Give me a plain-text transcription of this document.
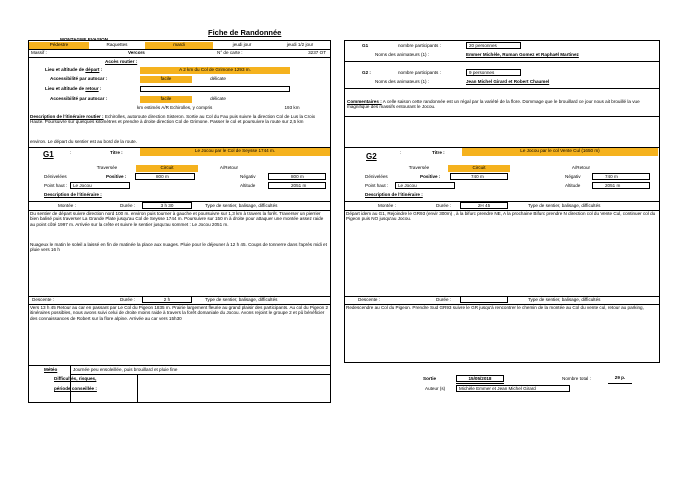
MONTAGNE EVASION
Fiche de Randonnée
Pédestre	Raquettes	mardi	jeudi jour	jeudi 1/2 jour
Massif :	Vercors	N° de carte :	3237 OT
Accès routier :
Lieu et altitude de départ :	A 2 km du Col de Grimone 1293 m.
Accessibilité par autocar :	facile	délicate
Lieu et altitude de retour :
Accessibilité par autocar :	facile	délicate
km estimés A/R Echirolles, y compris	193 km
Description de l'itinéraire routier : Echirolles, autoroute direction Sisteron. Sortie au Col du Fau puis suivre la direction Col de Lus la Croix Haute. Poursuivre sur quelques kilomètres et prendre à droite direction Col de Grimone. Passer le col et poursuivre la route sur 2,5 km
environ. Le départ du sentier est au bord de la route.
G1	nombre participants :	20 personnes
Noms des animateurs (1) :	Emmer Michèle, Ruman Gomez et Raphaël Martinez
G2 :	nombre participants :	9 personnes
Noms des animateurs (1) :	Jean Michel Girard et Robert Chaumel
Commentaires : A celle saison cette randonnée est un régal par la variété de la flore. Dommage que le brouillard ce jour nous ait brouillé la vue magnifique des massifs entourant le Jocou.
G1	:	Titre :	Le Jocou par le Col de Seysse 1744 m.
Traversée	Circuit	A/Retour
Dénivelées	Positive :	800 m	Négativ	800 m
Point haut :	Le Jocou	Altitude	2051 m
Description de l'itinéraire :
Montée :	Durée :	3 h 30	Type de sentier, balisage, difficultés
Du sentier de départ suivre direction nord 100 m. environ puis tourner à gauche et poursuivre sur 1,3 km à travers la forêt. Traverser un pierrier bien balisé puis traverser La Grande Plate jusqu'au Col de Seysse 1744 m. Poursuivre sur 150 m à droite pour attaquer une montée assez raide au point côté 1997 m. Arrivée sur la crête et suivre le sentier jusqu'au sommet : Le Jocou 2051 m.
Nuageux le matin le soleil a laissé en fin de matinée la place aux nuages. Pluie pour le déjeuner à 12 h 45. Coups de tonnerre dans l'après midi et pluie vers 16 h
Descente :	Durée :	2 h	Type de sentier, balisage, difficultés
Vers 13 h 45 Retour au car en passant par Le Col du Pigeon 1835 m. Prairie largement fleurie au grand plaisir des participants. Au col du Pigeon 2 itinéraires possibles, nous avons suivi celui de droite moins raide à travers la forêt domaniale du Jocou. Avons rejoint le groupe 2 et pû bénéficier des connaissances de Robert sur la flore alpine. Arrivée au car vers 15h30
G2	:	Titre :	Le Jocou par le col Vente Cul (1650 m)
Traversée	Circuit	A/Retour
Dénivelées	Positive :	740 m	Négativ	740 m
Point haut :	Le Jocou	Altitude	2051 m
Description de l'itinéraire :
Montée :	Durée :	2H 45	Type de sentier, balisage, difficultés
Départ idem au G1, Rejoindre le GR93 (envir 300m) , à la bifurc prendre NE, A la prochaine Bifurc prendre N direction col du Vente Cul, continuer col du Pigeon puis NO jusqu'au Jocou.
Descente :	Durée :	Type de sentier, balisage, difficultés
Redescendre au Col du Pigeon. Prendre Sud GR93 suivre le GR jusqu'à rencontrer le chemin de la montée au Col du vente cul, retour au parking,
Météo	Journée peu ensoleillée, puis brouillard et pluie fine
Difficultés, risques,
période conseillée :
Sortie	15/05/2018	Nombre total :	29 p.
Auteur (s)	Michèle Emmer et Jean Michel Girard
